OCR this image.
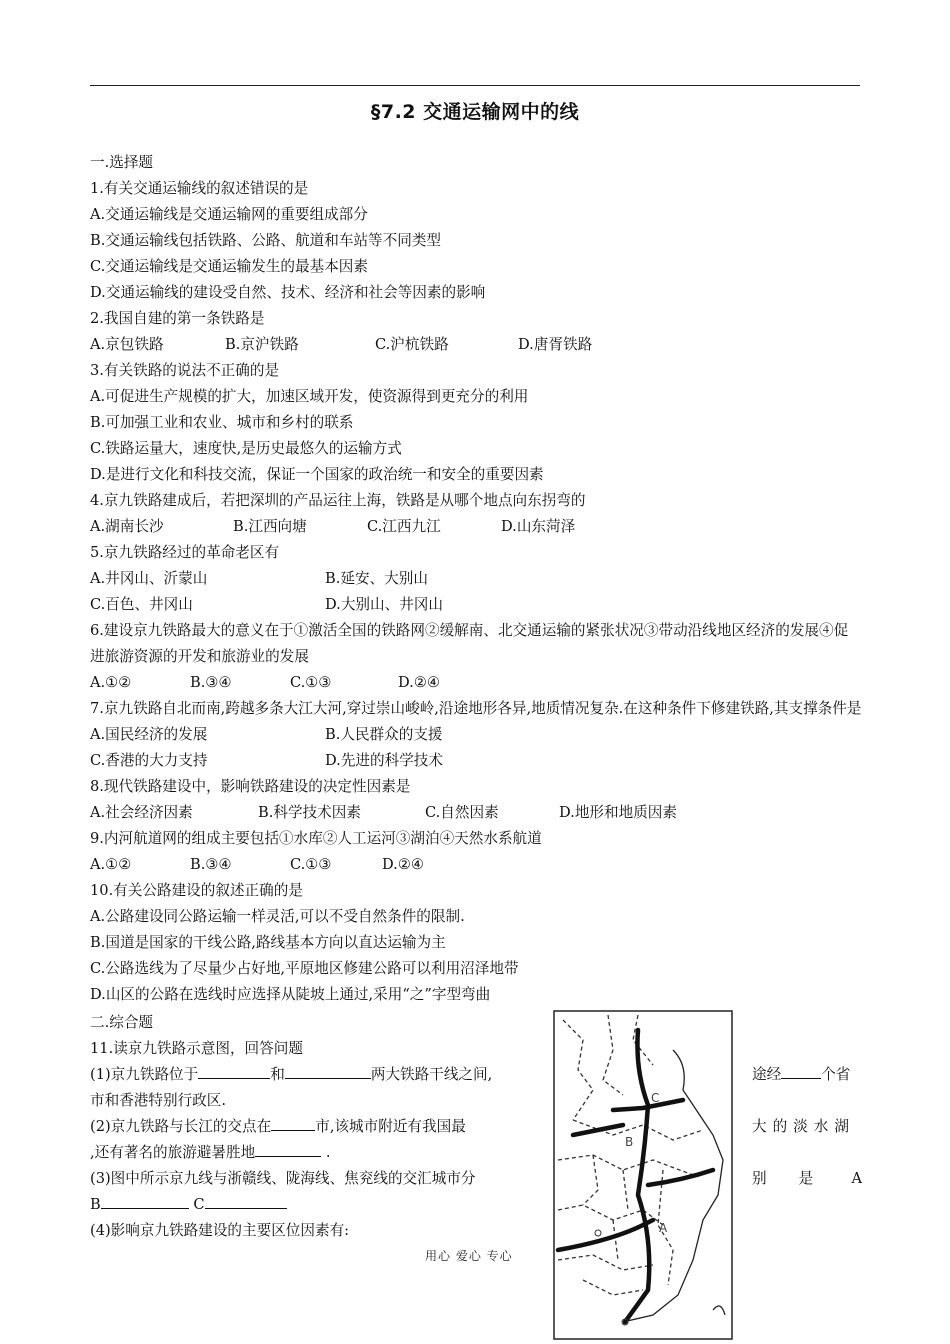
§7.2 交通运输网中的线

一.选择题

1.有关交通运输线的叙述错误的是

A.交通运输线是交通运输网的重要组成部分

B.交通运输线包括铁路、公路、航道和车站等不同类型

C.交通运输线是交通运输发生的最基本因素

D.交通运输线的建设受自然、技术、经济和社会等因素的影响

2.我国自建的第一条铁路是

A.京包铁路	B.京沪铁路	C.沪杭铁路	D.唐胥铁路

3.有关铁路的说法不正确的是

A.可促进生产规模的扩大，加速区域开发，使资源得到更充分的利用

B.可加强工业和农业、城市和乡村的联系

C.铁路运量大，速度快,是历史最悠久的运输方式

D.是进行文化和科技交流，保证一个国家的政治统一和安全的重要因素

4.京九铁路建成后，若把深圳的产品运往上海，铁路是从哪个地点向东拐弯的

A.湖南长沙	B.江西向塘	C.江西九江	D.山东菏泽

5.京九铁路经过的革命老区有

A.井冈山、沂蒙山	B.延安、大别山

C.百色、井冈山	D.大别山、井冈山

6.建设京九铁路最大的意义在于①激活全国的铁路网②缓解南、北交通运输的紧张状况③带动沿线地区经济的发展④促进旅游资源的开发和旅游业的发展

A.①②	B.③④	C.①③	D.②④

7.京九铁路自北而南,跨越多条大江大河,穿过崇山峻岭,沿途地形各异,地质情况复杂.在这种条件下修建铁路,其支撑条件是

A.国民经济的发展	B.人民群众的支援

C.香港的大力支持	D.先进的科学技术

8.现代铁路建设中，影响铁路建设的决定性因素是

A.社会经济因素	B.科学技术因素	C.自然因素	D.地形和地质因素

9.内河航道网的组成主要包括①水库②人工运河③湖泊④天然水系航道

A.①②	B.③④	C.①③	D.②④

10.有关公路建设的叙述正确的是

A.公路建设同公路运输一样灵活,可以不受自然条件的限制.

B.国道是国家的干线公路,路线基本方向以直达运输为主

C.公路选线为了尽量少占好地,平原地区修建公路可以利用沼泽地带

D.山区的公路在选线时应选择从陡坡上通过,采用“之”字型弯曲

二.综合题

11.读京九铁路示意图，回答问题

(1)京九铁路位于	和	两大铁路干线之间,

市和香港特别行政区.

(2)京九铁路与长江的交点在	市,该城市附近有我国最

,还有著名的旅游避暑胜地	.

(3)图中所示京九线与浙赣线、陇海线、焦兖线的交汇城市分

B	C

(4)影响京九铁路建设的主要区位因素有:

途经	个省
大的淡水湖
别是 A
C
B
A
用心 爱心 专心
